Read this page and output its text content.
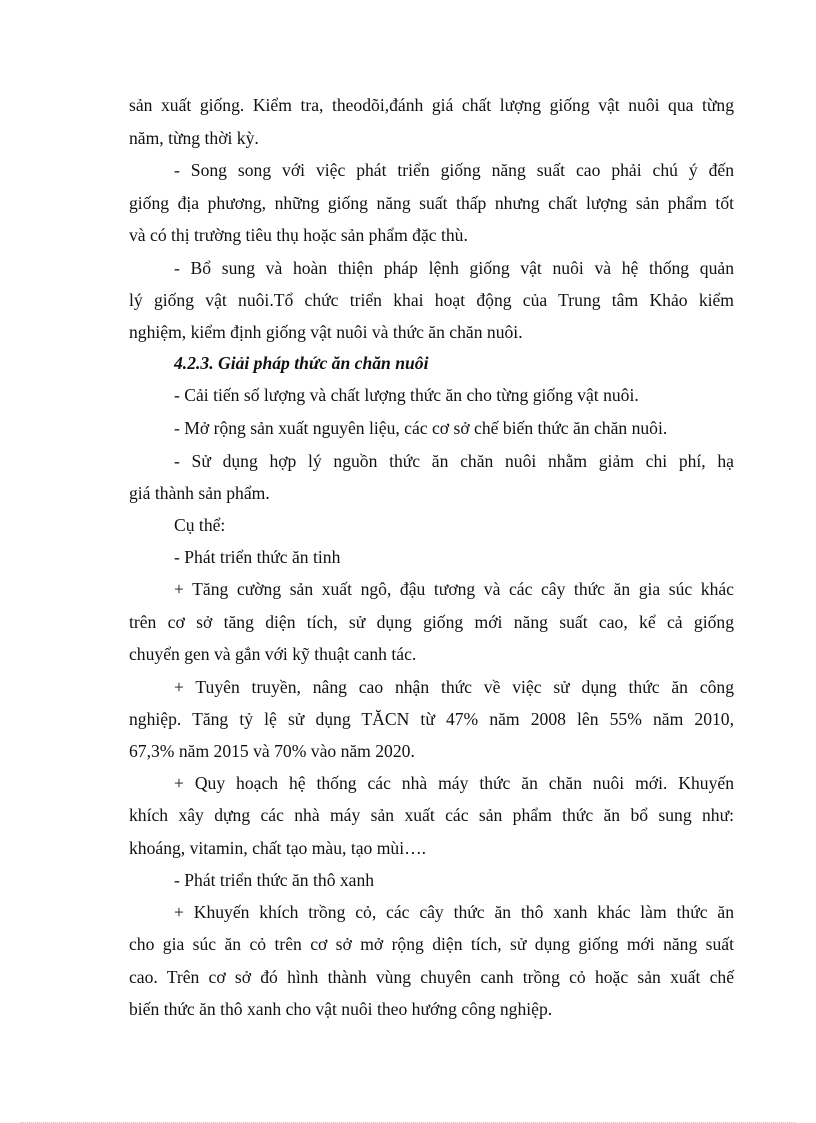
sản xuất giống. Kiểm tra, theodõi,đánh giá chất lượng giống vật nuôi qua từng
năm, từng thời kỳ.
- Song song với việc phát triển giống năng suất cao phải chú ý đến
giống địa phương, những giống năng suất thấp nhưng chất lượng sản phẩm tốt
và có thị trường tiêu thụ hoặc sản phẩm đặc thù.
- Bổ sung và hoàn thiện pháp lệnh giống vật nuôi và hệ thống quản
lý giống vật nuôi.Tổ chức triển khai hoạt động của Trung tâm Khảo kiểm
nghiệm, kiểm định giống vật nuôi và thức ăn chăn nuôi.
4.2.3. Giải pháp thức ăn chăn nuôi
- Cải tiến số lượng và chất lượng thức ăn cho từng giống vật nuôi.
- Mở rộng sản xuất nguyên liệu, các cơ sở chế biến thức ăn chăn nuôi.
- Sử dụng hợp lý nguồn thức ăn chăn nuôi nhằm giảm chi phí, hạ
giá thành sản phẩm.
Cụ thể:
- Phát triển thức ăn tinh
+ Tăng cường sản xuất ngô, đậu tương và các cây thức ăn gia súc khác
trên cơ sở tăng diện tích, sử dụng giống mới năng suất cao, kể cả giống
chuyển gen và gắn với kỹ thuật canh tác.
+ Tuyên truyền, nâng cao nhận thức về việc sử dụng thức ăn công
nghiệp. Tăng tỷ lệ sử dụng TĂCN từ 47% năm 2008 lên 55% năm 2010,
67,3% năm 2015 và 70% vào năm 2020.
+ Quy hoạch hệ thống các nhà máy thức ăn chăn nuôi mới. Khuyến
khích xây dựng các nhà máy sản xuất các sản phẩm thức ăn bổ sung như:
khoáng, vitamin, chất tạo màu, tạo mùi….
- Phát triển thức ăn thô xanh
+ Khuyến khích trồng cỏ, các cây thức ăn thô xanh khác làm thức ăn
cho gia súc ăn cỏ trên cơ sở mở rộng diện tích, sử dụng giống mới năng suất
cao. Trên cơ sở đó hình thành vùng chuyên canh trồng cỏ hoặc sản xuất chế
biến thức ăn thô xanh cho vật nuôi theo hướng công nghiệp.
